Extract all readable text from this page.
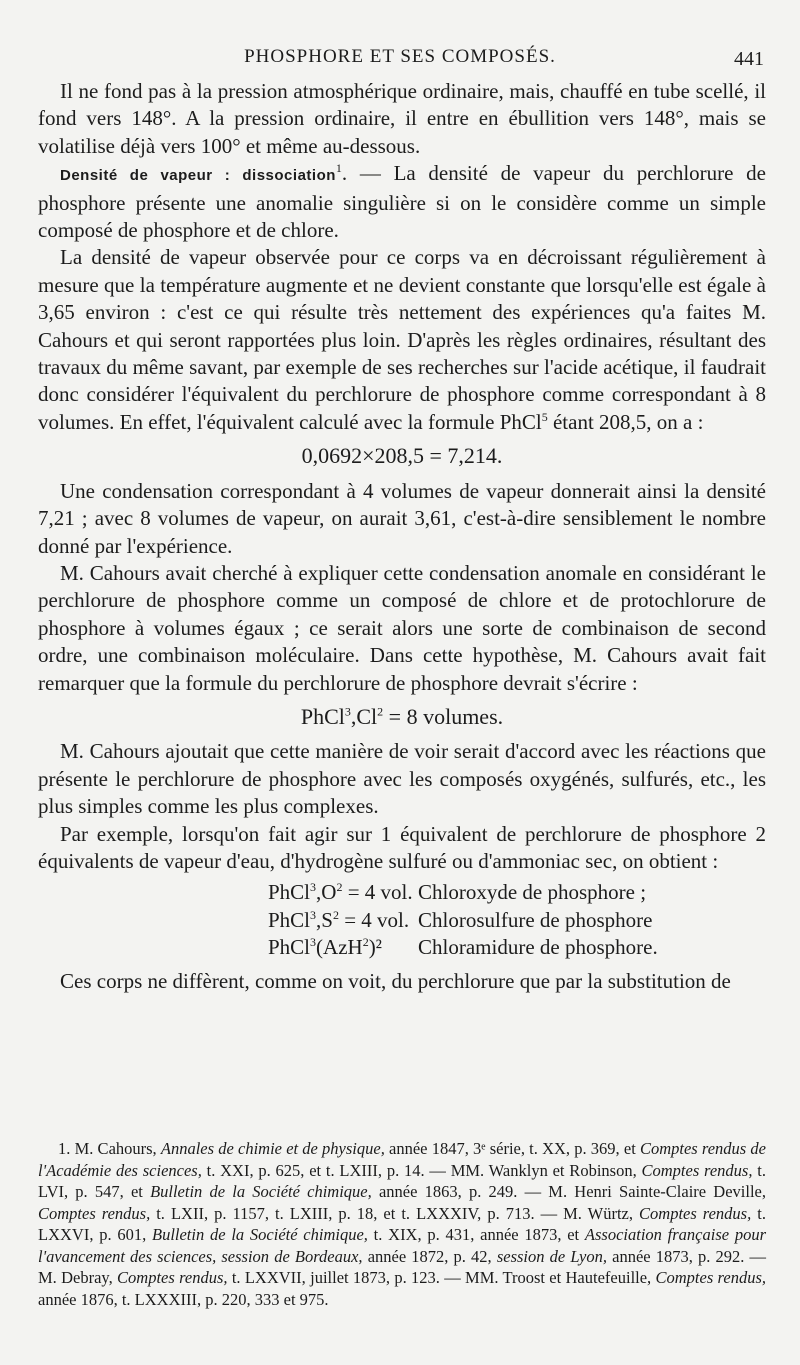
PHOSPHORE ET SES COMPOSÉS.	441

Il ne fond pas à la pression atmosphérique ordinaire, mais, chauffé en tube scellé, il fond vers 148°. A la pression ordinaire, il entre en ébullition vers 148°, mais se volatilise déjà vers 100° et même au-dessous.

Densité de vapeur : dissociation$^1$. — La densité de vapeur du perchlorure de phosphore présente une anomalie singulière si on le considère comme un simple composé de phosphore et de chlore.

La densité de vapeur observée pour ce corps va en décroissant régulièrement à mesure que la température augmente et ne devient constante que lorsqu'elle est égale à 3,65 environ : c'est ce qui résulte très nettement des expériences qu'a faites M. Cahours et qui seront rapportées plus loin. D'après les règles ordinaires, résultant des travaux du même savant, par exemple de ses recherches sur l'acide acétique, il faudrait donc considérer l'équivalent du perchlorure de phosphore comme correspondant à 8 volumes. En effet, l'équivalent calculé avec la formule PhCl$^5$ étant 208,5, on a :

0,0692×208,5 = 7,214.

Une condensation correspondant à 4 volumes de vapeur donnerait ainsi la densité 7,21 ; avec 8 volumes de vapeur, on aurait 3,61, c'est-à-dire sensiblement le nombre donné par l'expérience.

M. Cahours avait cherché à expliquer cette condensation anomale en considérant le perchlorure de phosphore comme un composé de chlore et de protochlorure de phosphore à volumes égaux ; ce serait alors une sorte de combinaison de second ordre, une combinaison moléculaire. Dans cette hypothèse, M. Cahours avait fait remarquer que la formule du perchlorure de phosphore devrait s'écrire :

$PhCl^3,Cl^2 = 8$ volumes.

M. Cahours ajoutait que cette manière de voir serait d'accord avec les réactions que présente le perchlorure de phosphore avec les composés oxygénés, sulfurés, etc., les plus simples comme les plus complexes.

Par exemple, lorsqu'on fait agir sur 1 équivalent de perchlorure de phosphore 2 équivalents de vapeur d'eau, d'hydrogène sulfuré ou d'ammoniac sec, on obtient :

$PhCl^3,O^2 = 4$ vol. Chloroxyde de phosphore ;
$PhCl^3,S^2 = 4$ vol. Chlorosulfure de phosphore
PhCl$^3$(AzH$^2$)²	Chloramidure de phosphore.

Ces corps ne diffèrent, comme on voit, du perchlorure que par la substitution de

1. M. Cahours, Annales de chimie et de physique, année 1847, 3ᵉ série, t. XX, p. 369, et Comptes rendus de l'Académie des sciences, t. XXI, p. 625, et t. LXIII, p. 14. — MM. Wanklyn et Robinson, Comptes rendus, t. LVI, p. 547, et Bulletin de la Société chimique, année 1863, p. 249. — M. Henri Sainte-Claire Deville, Comptes rendus, t. LXII, p. 1157, t. LXIII, p. 18, et t. LXXXIV, p. 713. — M. Würtz, Comptes rendus, t. LXXVI, p. 601, Bulletin de la Société chimique, t. XIX, p. 431, année 1873, et Association française pour l'avancement des sciences, session de Bordeaux, année 1872, p. 42, session de Lyon, année 1873, p. 292. — M. Debray, Comptes rendus, t. LXXVII, juillet 1873, p. 123. — MM. Troost et Hautefeuille, Comptes rendus, année 1876, t. LXXXIII, p. 220, 333 et 975.
